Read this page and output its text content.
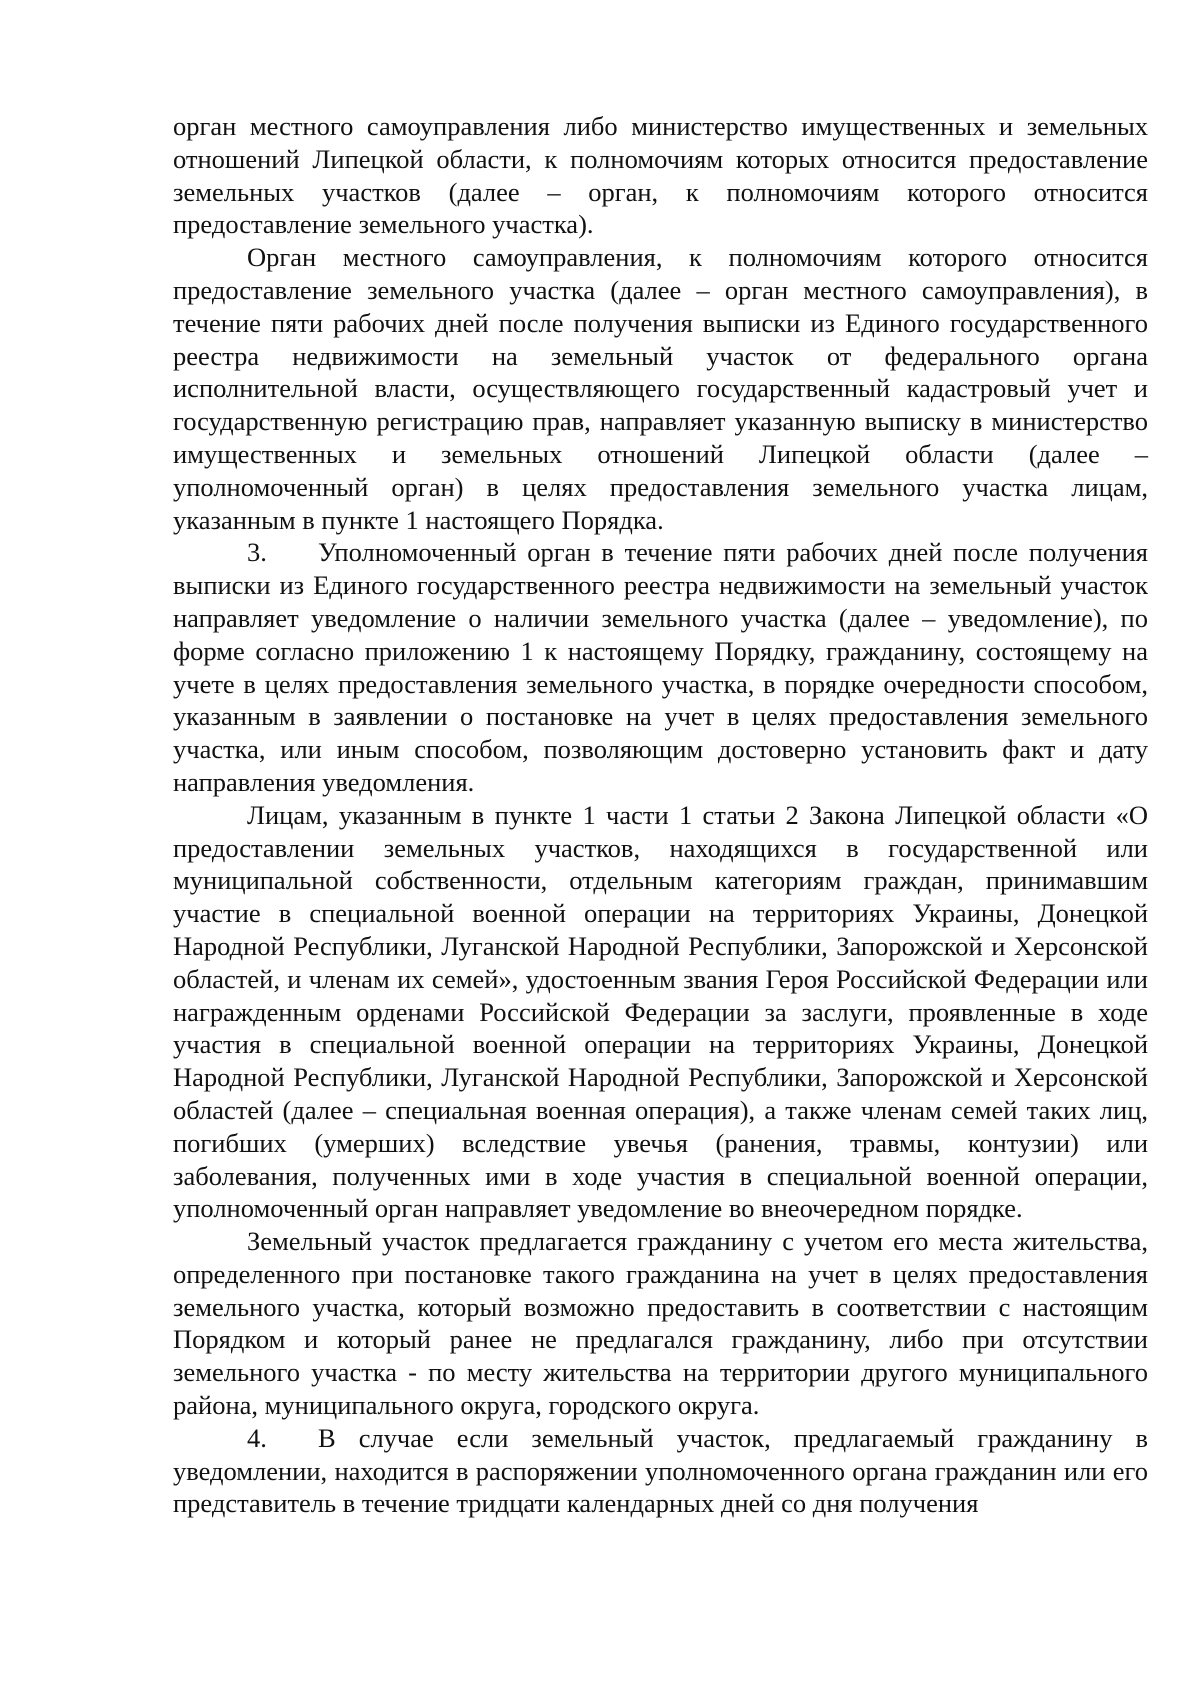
орган местного самоуправления либо министерство имущественных и земельных отношений Липецкой области, к полномочиям которых относится предоставление земельных участков (далее – орган, к полномочиям которого относится предоставление земельного участка).

Орган местного самоуправления, к полномочиям которого относится предоставление земельного участка (далее – орган местного самоуправления), в течение пяти рабочих дней после получения выписки из Единого государственного реестра недвижимости на земельный участок от федерального органа исполнительной власти, осуществляющего государственный кадастровый учет и государственную регистрацию прав, направляет указанную выписку в министерство имущественных и земельных отношений Липецкой области (далее – уполномоченный орган) в целях предоставления земельного участка лицам, указанным в пункте 1 настоящего Порядка.

3. Уполномоченный орган в течение пяти рабочих дней после получения выписки из Единого государственного реестра недвижимости на земельный участок направляет уведомление о наличии земельного участка (далее – уведомление), по форме согласно приложению 1 к настоящему Порядку, гражданину, состоящему на учете в целях предоставления земельного участка, в порядке очередности способом, указанным в заявлении о постановке на учет в целях предоставления земельного участка, или иным способом, позволяющим достоверно установить факт и дату направления уведомления.

Лицам, указанным в пункте 1 части 1 статьи 2 Закона Липецкой области «О предоставлении земельных участков, находящихся в государственной или муниципальной собственности, отдельным категориям граждан, принимавшим участие в специальной военной операции на территориях Украины, Донецкой Народной Республики, Луганской Народной Республики, Запорожской и Херсонской областей, и членам их семей», удостоенным звания Героя Российской Федерации или награжденным орденами Российской Федерации за заслуги, проявленные в ходе участия в специальной военной операции на территориях Украины, Донецкой Народной Республики, Луганской Народной Республики, Запорожской и Херсонской областей (далее – специальная военная операция), а также членам семей таких лиц, погибших (умерших) вследствие увечья (ранения, травмы, контузии) или заболевания, полученных ими в ходе участия в специальной военной операции, уполномоченный орган направляет уведомление во внеочередном порядке.

Земельный участок предлагается гражданину с учетом его места жительства, определенного при постановке такого гражданина на учет в целях предоставления земельного участка, который возможно предоставить в соответствии с настоящим Порядком и который ранее не предлагался гражданину, либо при отсутствии земельного участка - по месту жительства на территории другого муниципального района, муниципального округа, городского округа.

4. В случае если земельный участок, предлагаемый гражданину в уведомлении, находится в распоряжении уполномоченного органа гражданин или его представитель в течение тридцати календарных дней со дня получения
